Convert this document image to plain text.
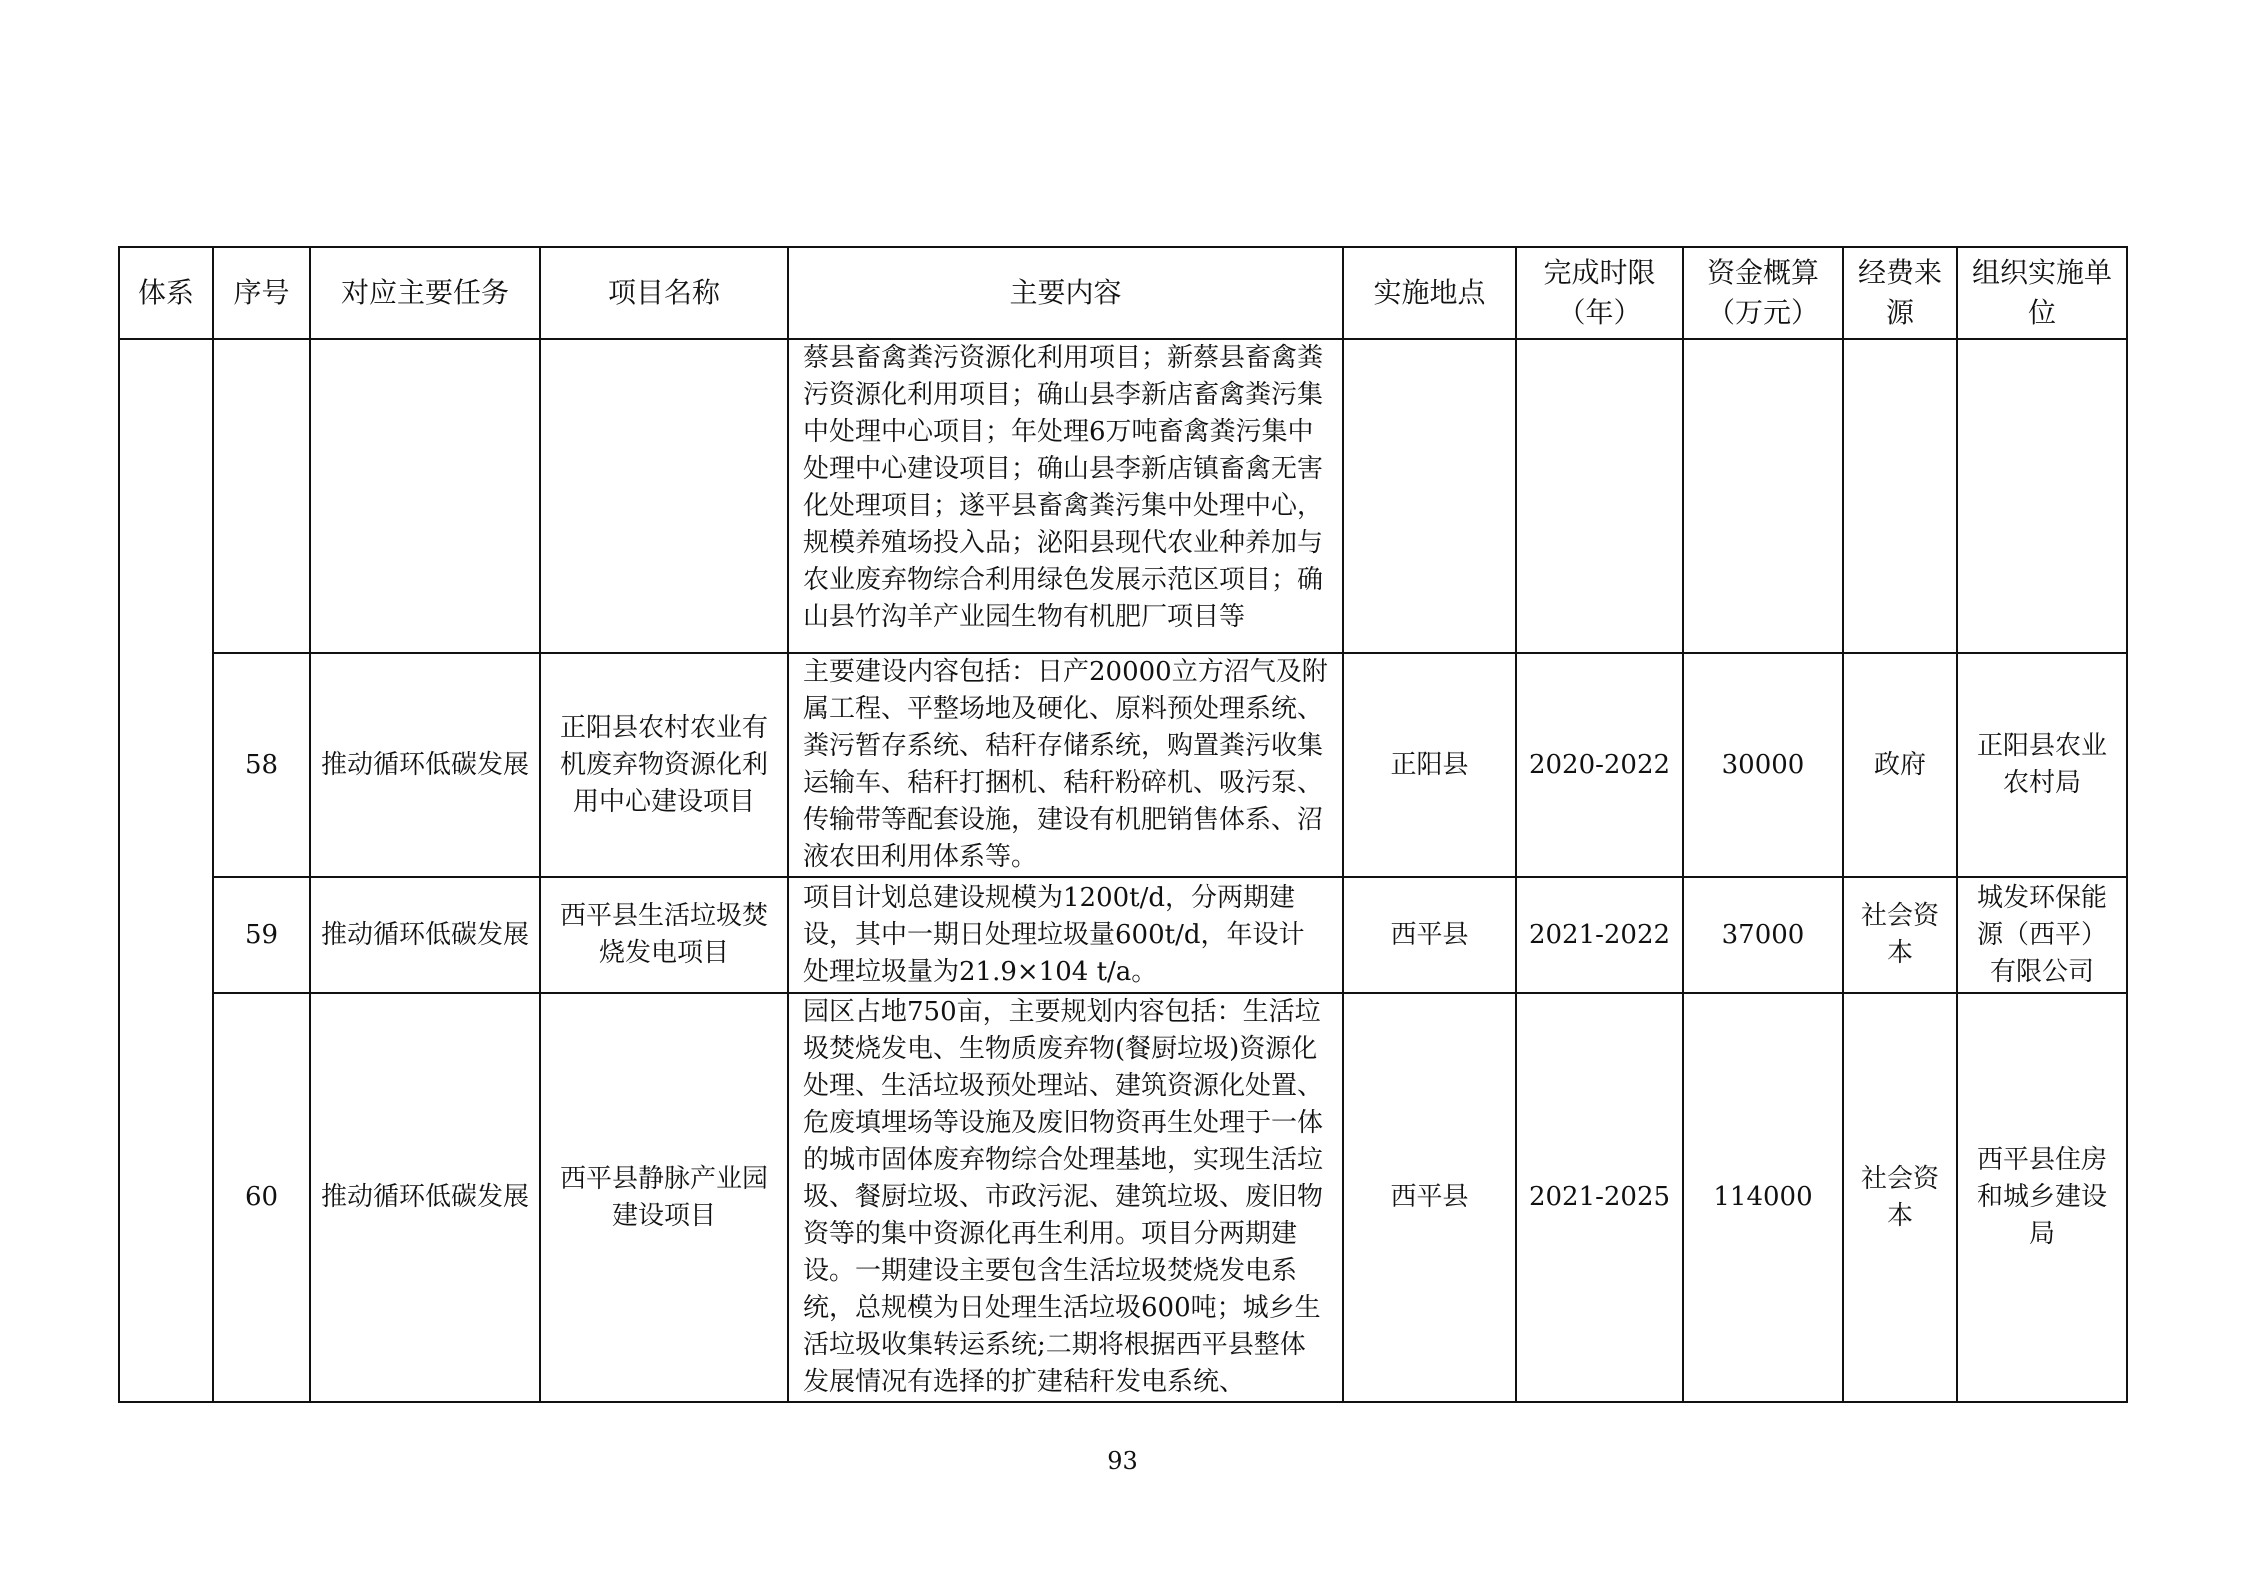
体系	序号	对应主要任务	项目名称	主要内容	实施地点	完成时限（年）	资金概算（万元）	经费来源	组织实施单位
				蔡县畜禽粪污资源化利用项目；新蔡县畜禽粪污资源化利用项目；确山县李新店畜禽粪污集中处理中心项目；年处理6万吨畜禽粪污集中处理中心建设项目；确山县李新店镇畜禽无害化处理项目；遂平县畜禽粪污集中处理中心，规模养殖场投入品；泌阳县现代农业种养加与农业废弃物综合利用绿色发展示范区项目；确山县竹沟羊产业园生物有机肥厂项目等					
	58	推动循环低碳发展	正阳县农村农业有机废弃物资源化利用中心建设项目	主要建设内容包括：日产20000立方沼气及附属工程、平整场地及硬化、原料预处理系统、粪污暂存系统、秸秆存储系统，购置粪污收集运输车、秸秆打捆机、秸秆粉碎机、吸污泵、传输带等配套设施，建设有机肥销售体系、沼液农田利用体系等。	正阳县	2020-2022	30000	政府	正阳县农业农村局
	59	推动循环低碳发展	西平县生活垃圾焚烧发电项目	项目计划总建设规模为1200t/d，分两期建设，其中一期日处理垃圾量600t/d，年设计处理垃圾量为21.9×104 t/a。	西平县	2021-2022	37000	社会资本	城发环保能源（西平）有限公司
	60	推动循环低碳发展	西平县静脉产业园建设项目	园区占地750亩，主要规划内容包括：生活垃圾焚烧发电、生物质废弃物(餐厨垃圾)资源化处理、生活垃圾预处理站、建筑资源化处置、危废填埋场等设施及废旧物资再生处理于一体的城市固体废弃物综合处理基地，实现生活垃圾、餐厨垃圾、市政污泥、建筑垃圾、废旧物资等的集中资源化再生利用。项目分两期建设。一期建设主要包含生活垃圾焚烧发电系统，总规模为日处理生活垃圾600吨；城乡生活垃圾收集转运系统;二期将根据西平县整体发展情况有选择的扩建秸秆发电系统、	西平县	2021-2025	114000	社会资本	西平县住房和城乡建设局
93
